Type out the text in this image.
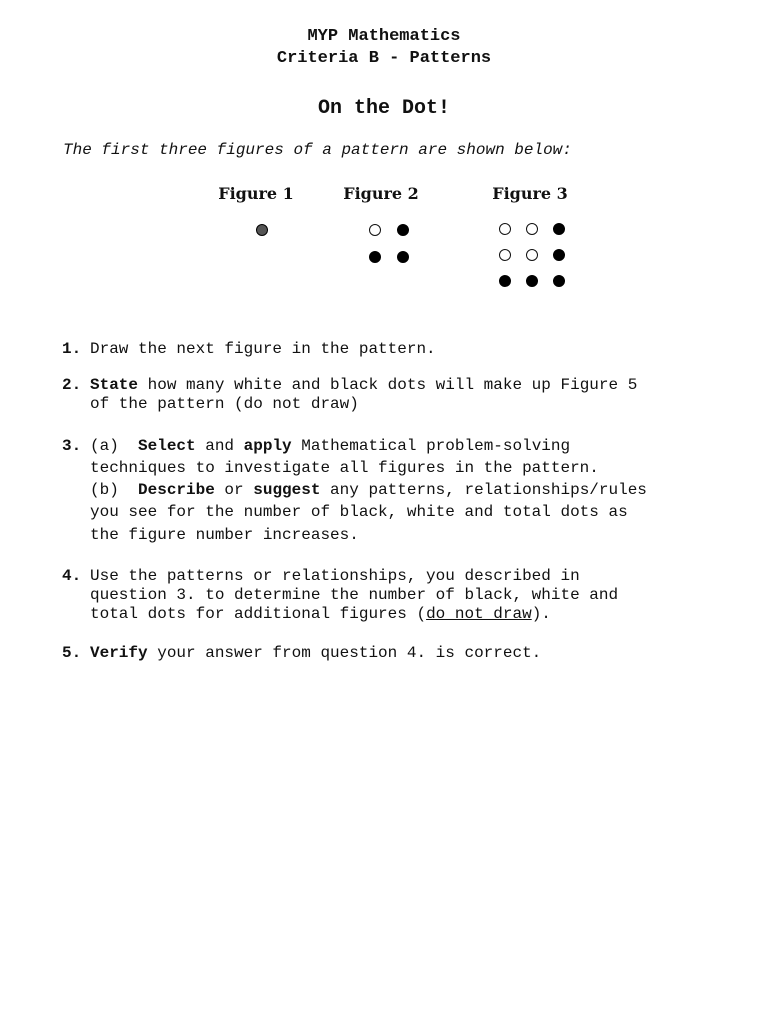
MYP Mathematics
Criteria B - Patterns
On the Dot!
The first three figures of a pattern are shown below:
Figure 1	Figure 2	Figure 3
1. Draw the next figure in the pattern.
2. State how many white and black dots will make up Figure 5
of the pattern (do not draw)
3. (a) Select and apply Mathematical problem-solving
techniques to investigate all figures in the pattern.
(b) Describe or suggest any patterns, relationships/rules
you see for the number of black, white and total dots as
the figure number increases.
4. Use the patterns or relationships, you described in
question 3. to determine the number of black, white and
total dots for additional figures (do not draw).
5. Verify your answer from question 4. is correct.
